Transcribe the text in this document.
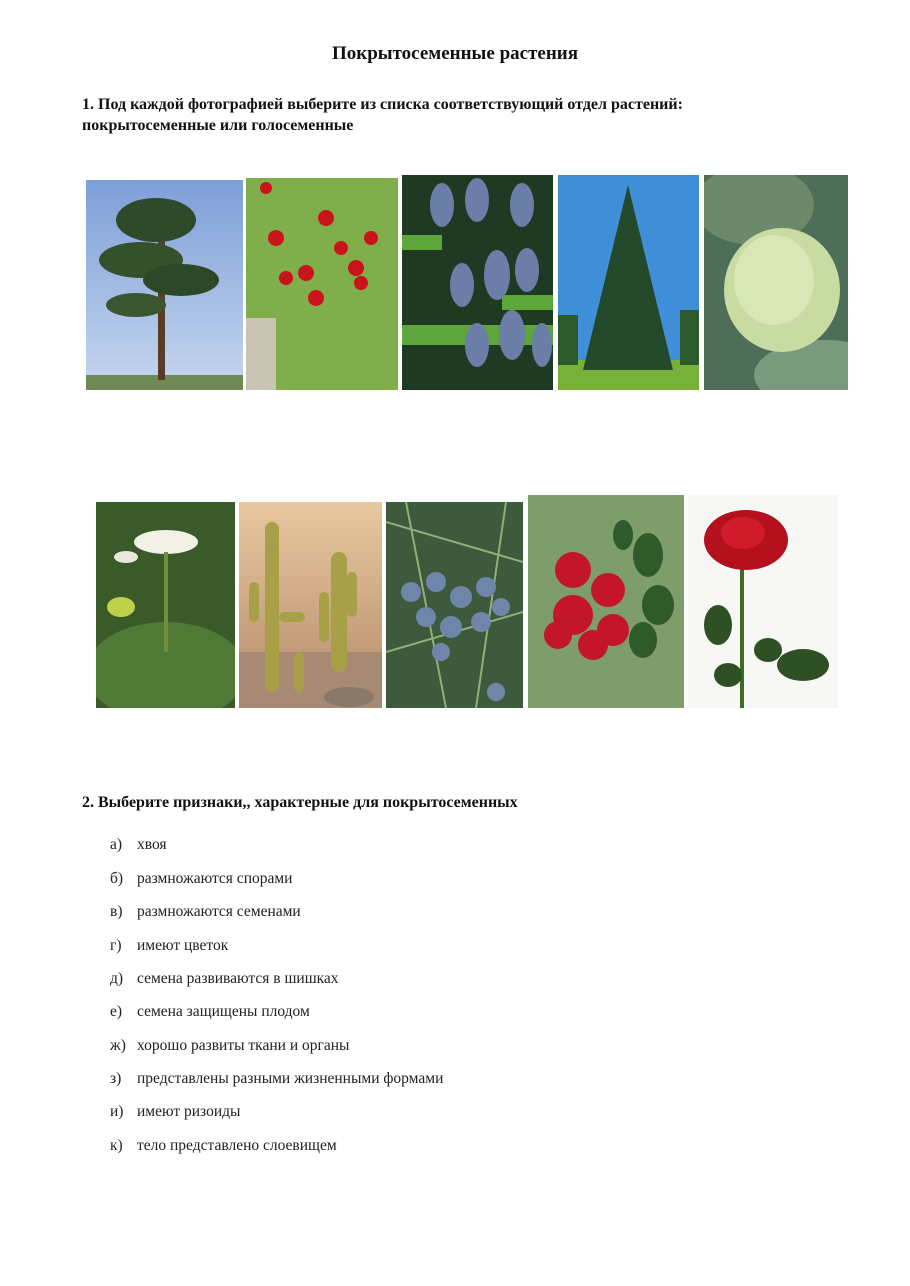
Покрытосеменные растения
1. Под каждой фотографией выберите из списка соответствующий отдел растений:
покрытосеменные или голосеменные
2. Выберите признаки,, характерные для покрытосеменных
а) хвоя
б) размножаются спорами
в) размножаются семенами
г) имеют цветок
д) семена развиваются в шишках
е) семена защищены плодом
ж) хорошо развиты ткани и органы
з) представлены разными жизненными формами
и) имеют ризоиды
к) тело представлено слоевищем
